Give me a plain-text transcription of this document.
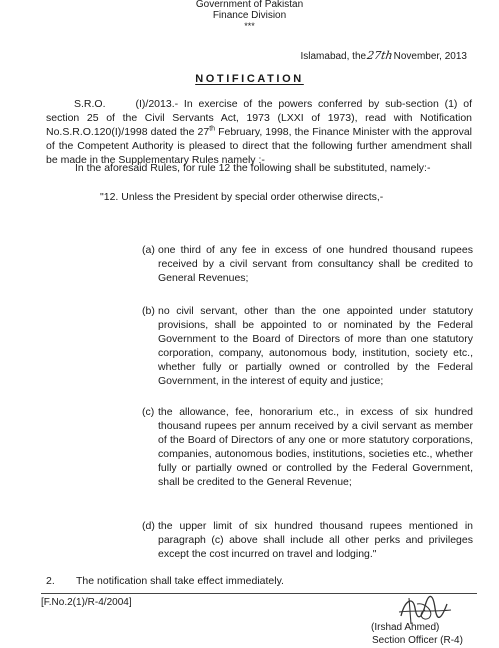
Government of Pakistan
Finance Division
***
Islamabad, the27thNovember, 2013
NOTIFICATION
S.R.O.	(I)/2013.- In exercise of the powers conferred by sub-section (1) of section 25 of the Civil Servants Act, 1973 (LXXI of 1973), read with Notification No.S.R.O.120(I)/1998 dated the 27th February, 1998, the Finance Minister with the approval of the Competent Authority is pleased to direct that the following further amendment shall be made in the Supplementary Rules namely :-
In the aforesaid Rules, for rule 12 the following shall be substituted, namely:-
"12. Unless the President by special order otherwise directs,-
(a) one third of any fee in excess of one hundred thousand rupees received by a civil servant from consultancy shall be credited to General Revenues;
(b) no civil servant, other than the one appointed under statutory provisions, shall be appointed to or nominated by the Federal Government to the Board of Directors of more than one statutory corporation, company, autonomous body, institution, society etc., whether fully or partially owned or controlled by the Federal Government, in the interest of equity and justice;
(c) the allowance, fee, honorarium etc., in excess of six hundred thousand rupees per annum received by a civil servant as member of the Board of Directors of any one or more statutory corporations, companies, autonomous bodies, institutions, societies etc., whether fully or partially owned or controlled by the Federal Government, shall be credited to the General Revenue;
(d) the upper limit of six hundred thousand rupees mentioned in paragraph (c) above shall include all other perks and privileges except the cost incurred on travel and lodging."
2. The notification shall take effect immediately.
[F.No.2(1)/R-4/2004]
(Irshad Ahmed)
Section Officer (R-4)
